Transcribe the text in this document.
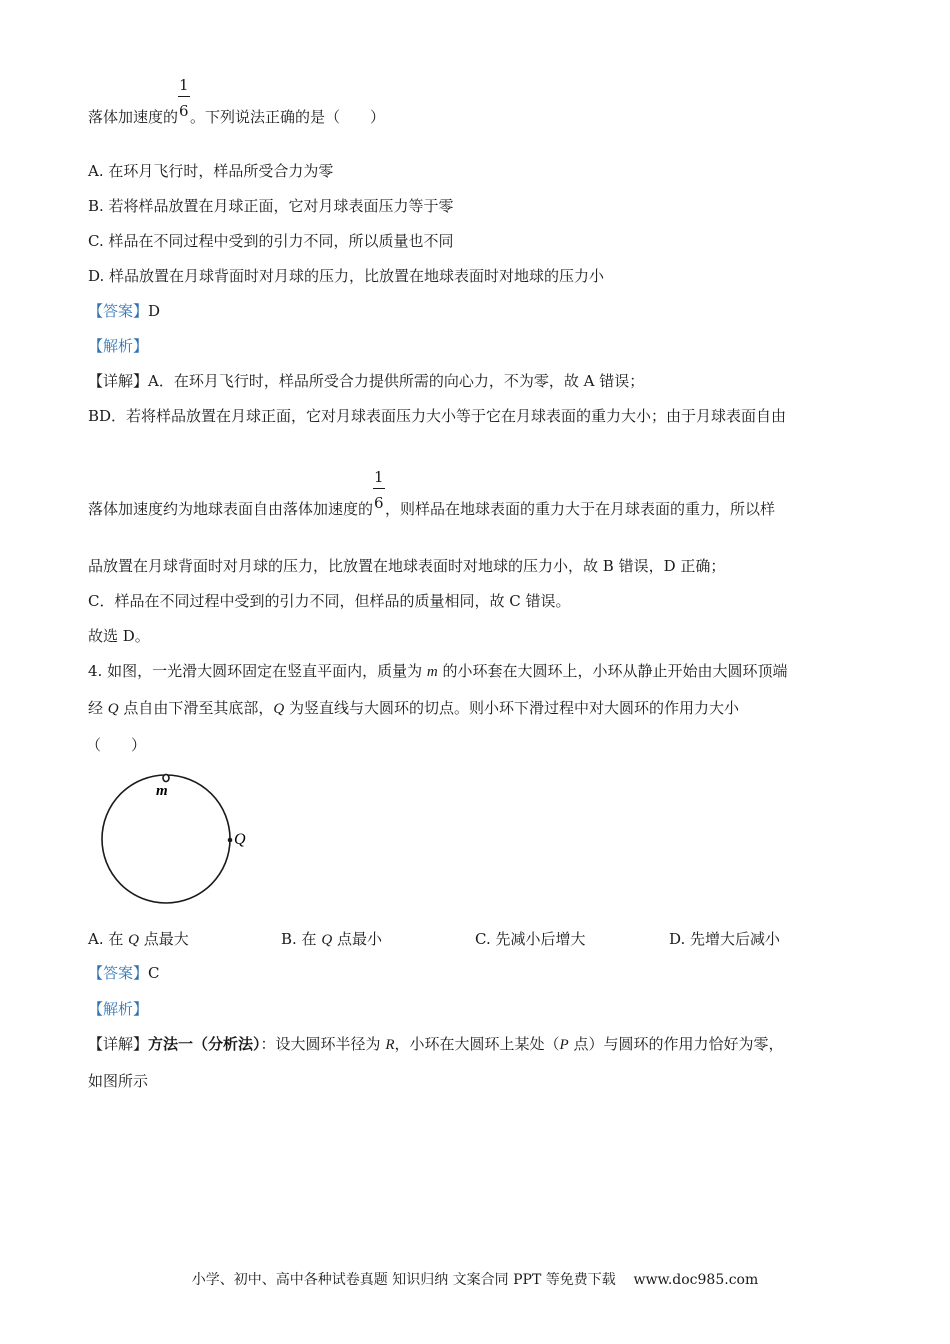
落体加速度的 $\frac{1}{6}$ 。下列说法正确的是（　　）
A. 在环月飞行时，样品所受合力为零
B. 若将样品放置在月球正面，它对月球表面压力等于零
C. 样品在不同过程中受到的引力不同，所以质量也不同
D. 样品放置在月球背面时对月球的压力，比放置在地球表面时对地球的压力小
【答案】D
【解析】
【详解】A．在环月飞行时，样品所受合力提供所需的向心力，不为零，故 A 错误；
BD．若将样品放置在月球正面，它对月球表面压力大小等于它在月球表面的重力大小；由于月球表面自由
落体加速度约为地球表面自由落体加速度的 $\frac{1}{6}$ ，则样品在地球表面的重力大于在月球表面的重力，所以样
品放置在月球背面时对月球的压力，比放置在地球表面时对地球的压力小，故 B 错误，D 正确；
C．样品在不同过程中受到的引力不同，但样品的质量相同，故 C 错误。
故选 D。
4. 如图，一光滑大圆环固定在竖直平面内，质量为 m 的小环套在大圆环上，小环从静止开始由大圆环顶端
经 Q 点自由下滑至其底部，Q 为竖直线与大圆环的切点。则小环下滑过程中对大圆环的作用力大小
（　　）
m
Q
A. 在 Q 点最大	B. 在 Q 点最小	C. 先减小后增大	D. 先增大后减小
【答案】C
【解析】
【详解】方法一（分析法）：设大圆环半径为 R，小环在大圆环上某处（P 点）与圆环的作用力恰好为零，
如图所示
小学、初中、高中各种试卷真题 知识归纳 文案合同 PPT 等免费下载 www.doc985.com
